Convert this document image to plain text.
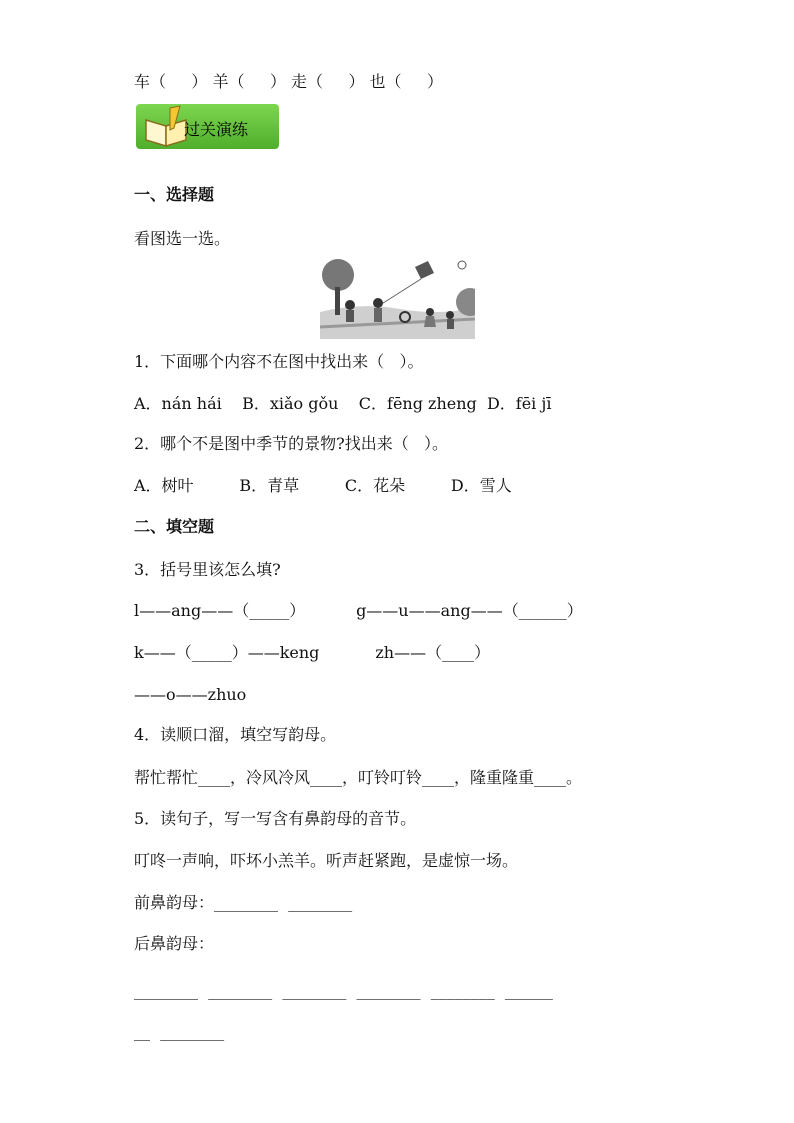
车（     ） 羊（     ） 走（     ） 也（     ）
过关演练
一、选择题
看图选一选。
1．下面哪个内容不在图中找出来（   ）。
A．nán hái    B．xiǎo gǒu    C．fēng zheng  D．fēi jī
2．哪个不是图中季节的景物?找出来（   ）。
A．树叶         B．青草         C．花朵         D．雪人
二、填空题
3．括号里该怎么填?
l——ang——（_____）          g——u——ang——（______）
k——（_____）——keng           zh——（____）
——o——zhuo
4．读顺口溜，填空写韵母。
帮忙帮忙____，冷风冷风____，叮铃叮铃____，隆重隆重____。
5．读句子，写一写含有鼻韵母的音节。
叮咚一声响，吓坏小羔羊。听声赶紧跑，是虚惊一场。
前鼻韵母：________  ________
后鼻韵母：
________  ________  ________  ________  ________  ______
__  ________
